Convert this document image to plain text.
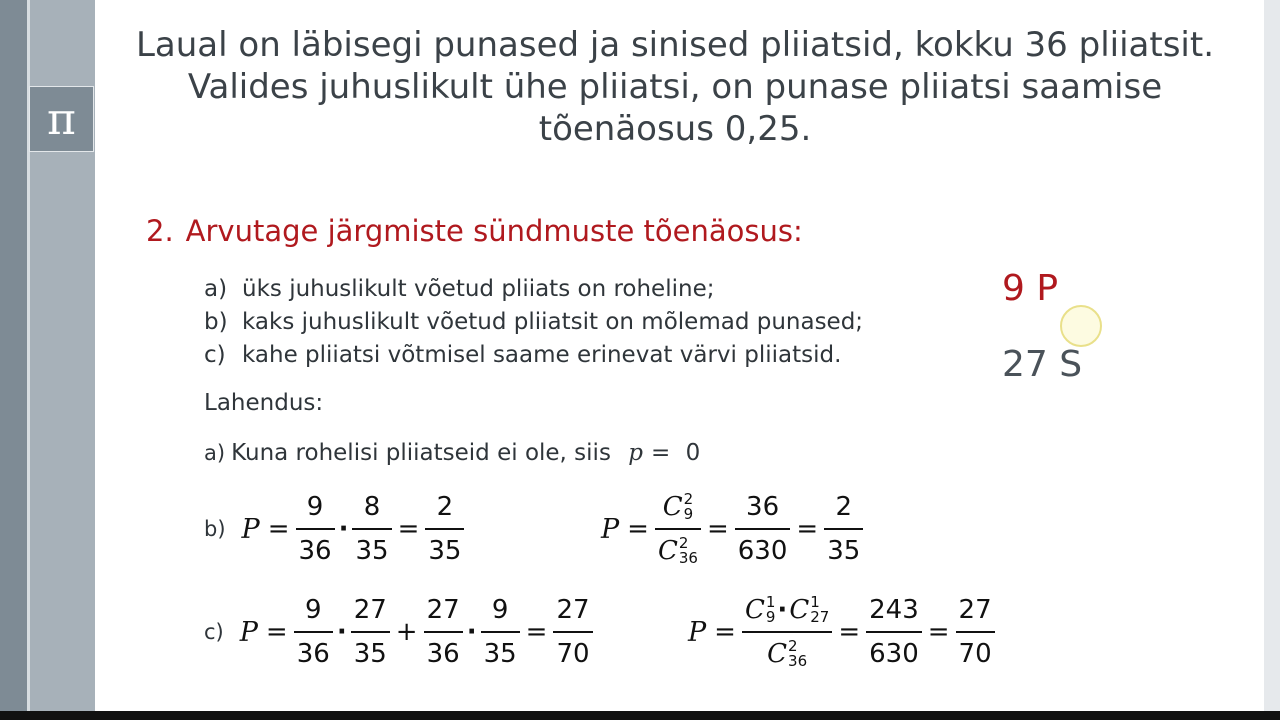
π
Laual on läbisegi punased ja sinised pliiatsid, kokku 36 pliiatsit. Valides juhuslikult ühe pliiatsi, on punase pliiatsi saamise tõenäosus 0,25.
2. Arvutage järgmiste sündmuste tõenäosus:
a) üks juhuslikult võetud pliiats on roheline;
b) kaks juhuslikult võetud pliiatsit on mõlemad punased;
c) kahe pliiatsi võtmisel saame erinevat värvi pliiatsid.
Lahendus:
a) Kuna rohelisi pliiatseid ei ole, siis p = 0
b) $P = \frac{9}{36} \cdot \frac{8}{35} = \frac{2}{35}$	P = C 2
9
C 2
$36 = \frac{36}{630} = \frac{2}{35}$
c) $P = \frac{9}{36} \cdot \frac{27}{35} + \frac{27}{36} \cdot \frac{9}{35} = \frac{27}{70}$	P = C 1
9 · C 1
27
C 2
$36 = \frac{243}{630} = \frac{27}{70}$
9 P
27 S
